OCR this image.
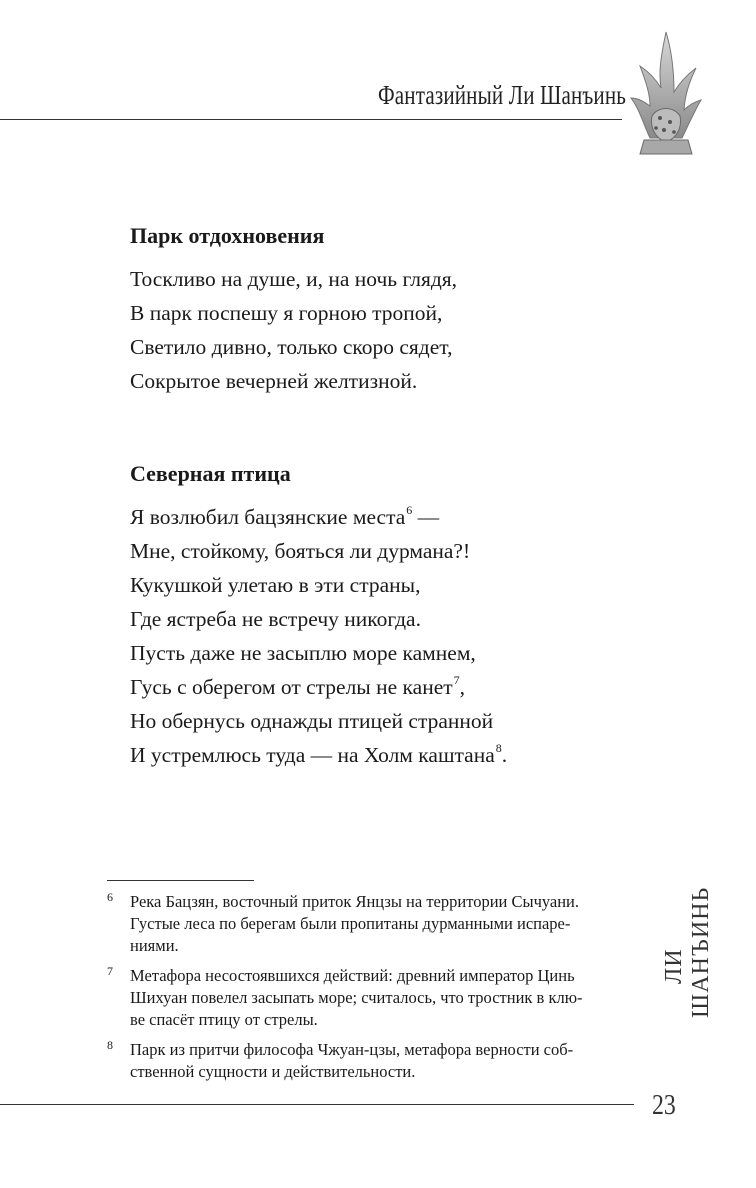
Фантазийный Ли Шанъинь
Парк отдохновения
Тоскливо на душе, и, на ночь глядя,
В парк поспешу я горною тропой,
Светило дивно, только скоро сядет,
Сокрытое вечерней желтизной.
Северная птица
Я возлюбил бацзянские места$^6$ —
Мне, стойкому, бояться ли дурмана?!
Кукушкой улетаю в эти страны,
Где ястреба не встречу никогда.
Пусть даже не засыплю море камнем,
Гусь с оберегом от стрелы не канет$^7$,
Но обернусь однажды птицей странной
И устремлюсь туда — на Холм каштана$^8$.
6 Река Бацзян, восточный приток Янцзы на территории Сычуани.
Густые леса по берегам были пропитаны дурманными испаре-
ниями.
7 Метафора несостоявшихся действий: древний император Цинь
Шихуан повелел засыпать море; считалось, что тростник в клю-
ве спасёт птицу от стрелы.
8 Парк из притчи философа Чжуан-цзы, метафора верности соб-
ственной сущности и действительности.
ЛИ ШАНЪИНЬ
23
